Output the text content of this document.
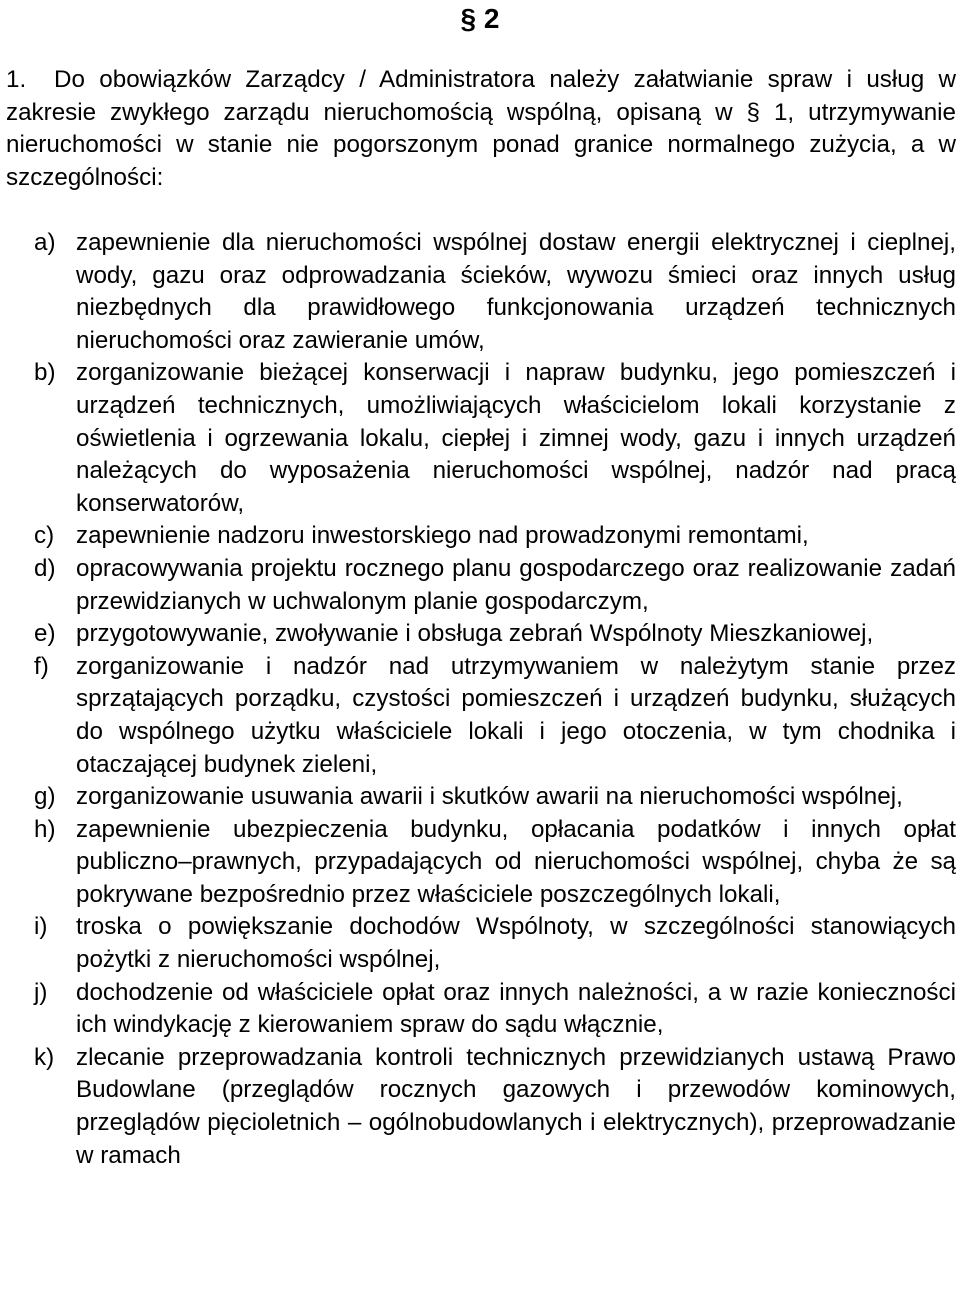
§ 2

1. Do obowiązków Zarządcy / Administratora należy załatwianie spraw i usług w zakresie zwykłego zarządu nieruchomością wspólną, opisaną w § 1, utrzymywanie nieruchomości w stanie nie pogorszonym ponad granice normalnego zużycia, a w szczególności:

a) zapewnienie dla nieruchomości wspólnej dostaw energii elektrycznej i cieplnej, wody, gazu oraz odprowadzania ścieków, wywozu śmieci oraz innych usług niezbędnych dla prawidłowego funkcjonowania urządzeń technicznych nieruchomości oraz zawieranie umów,
b) zorganizowanie bieżącej konserwacji i napraw budynku, jego pomieszczeń i urządzeń technicznych, umożliwiających właścicielom lokali korzystanie z oświetlenia i ogrzewania lokalu, ciepłej i zimnej wody, gazu i innych urządzeń należących do wyposażenia nieruchomości wspólnej, nadzór nad pracą konserwatorów,
c) zapewnienie nadzoru inwestorskiego nad prowadzonymi remontami,
d) opracowywania projektu rocznego planu gospodarczego oraz realizowanie zadań przewidzianych w uchwalonym planie gospodarczym,
e) przygotowywanie, zwoływanie i obsługa zebrań Wspólnoty Mieszkaniowej,
f)	zorganizowanie i nadzór nad utrzymywaniem w należytym stanie przez sprzątających porządku, czystości pomieszczeń i urządzeń budynku, służących do wspólnego użytku właściciele lokali i jego otoczenia, w tym chodnika i otaczającej budynek zieleni,
g) zorganizowanie usuwania awarii i skutków awarii na nieruchomości wspólnej,
h) zapewnienie ubezpieczenia budynku, opłacania podatków i innych opłat publiczno–prawnych, przypadających od nieruchomości wspólnej, chyba że są pokrywane bezpośrednio przez właściciele poszczególnych lokali,
i)	troska o powiększanie dochodów Wspólnoty, w szczególności stanowiących pożytki z nieruchomości wspólnej,
j)	dochodzenie od właściciele opłat oraz innych należności, a w razie konieczności ich windykację z kierowaniem spraw do sądu włącznie,
k) zlecanie przeprowadzania kontroli technicznych przewidzianych ustawą Prawo Budowlane (przeglądów rocznych gazowych i przewodów kominowych, przeglądów pięcioletnich – ogólnobudowlanych i elektrycznych), przeprowadzanie w ramach
